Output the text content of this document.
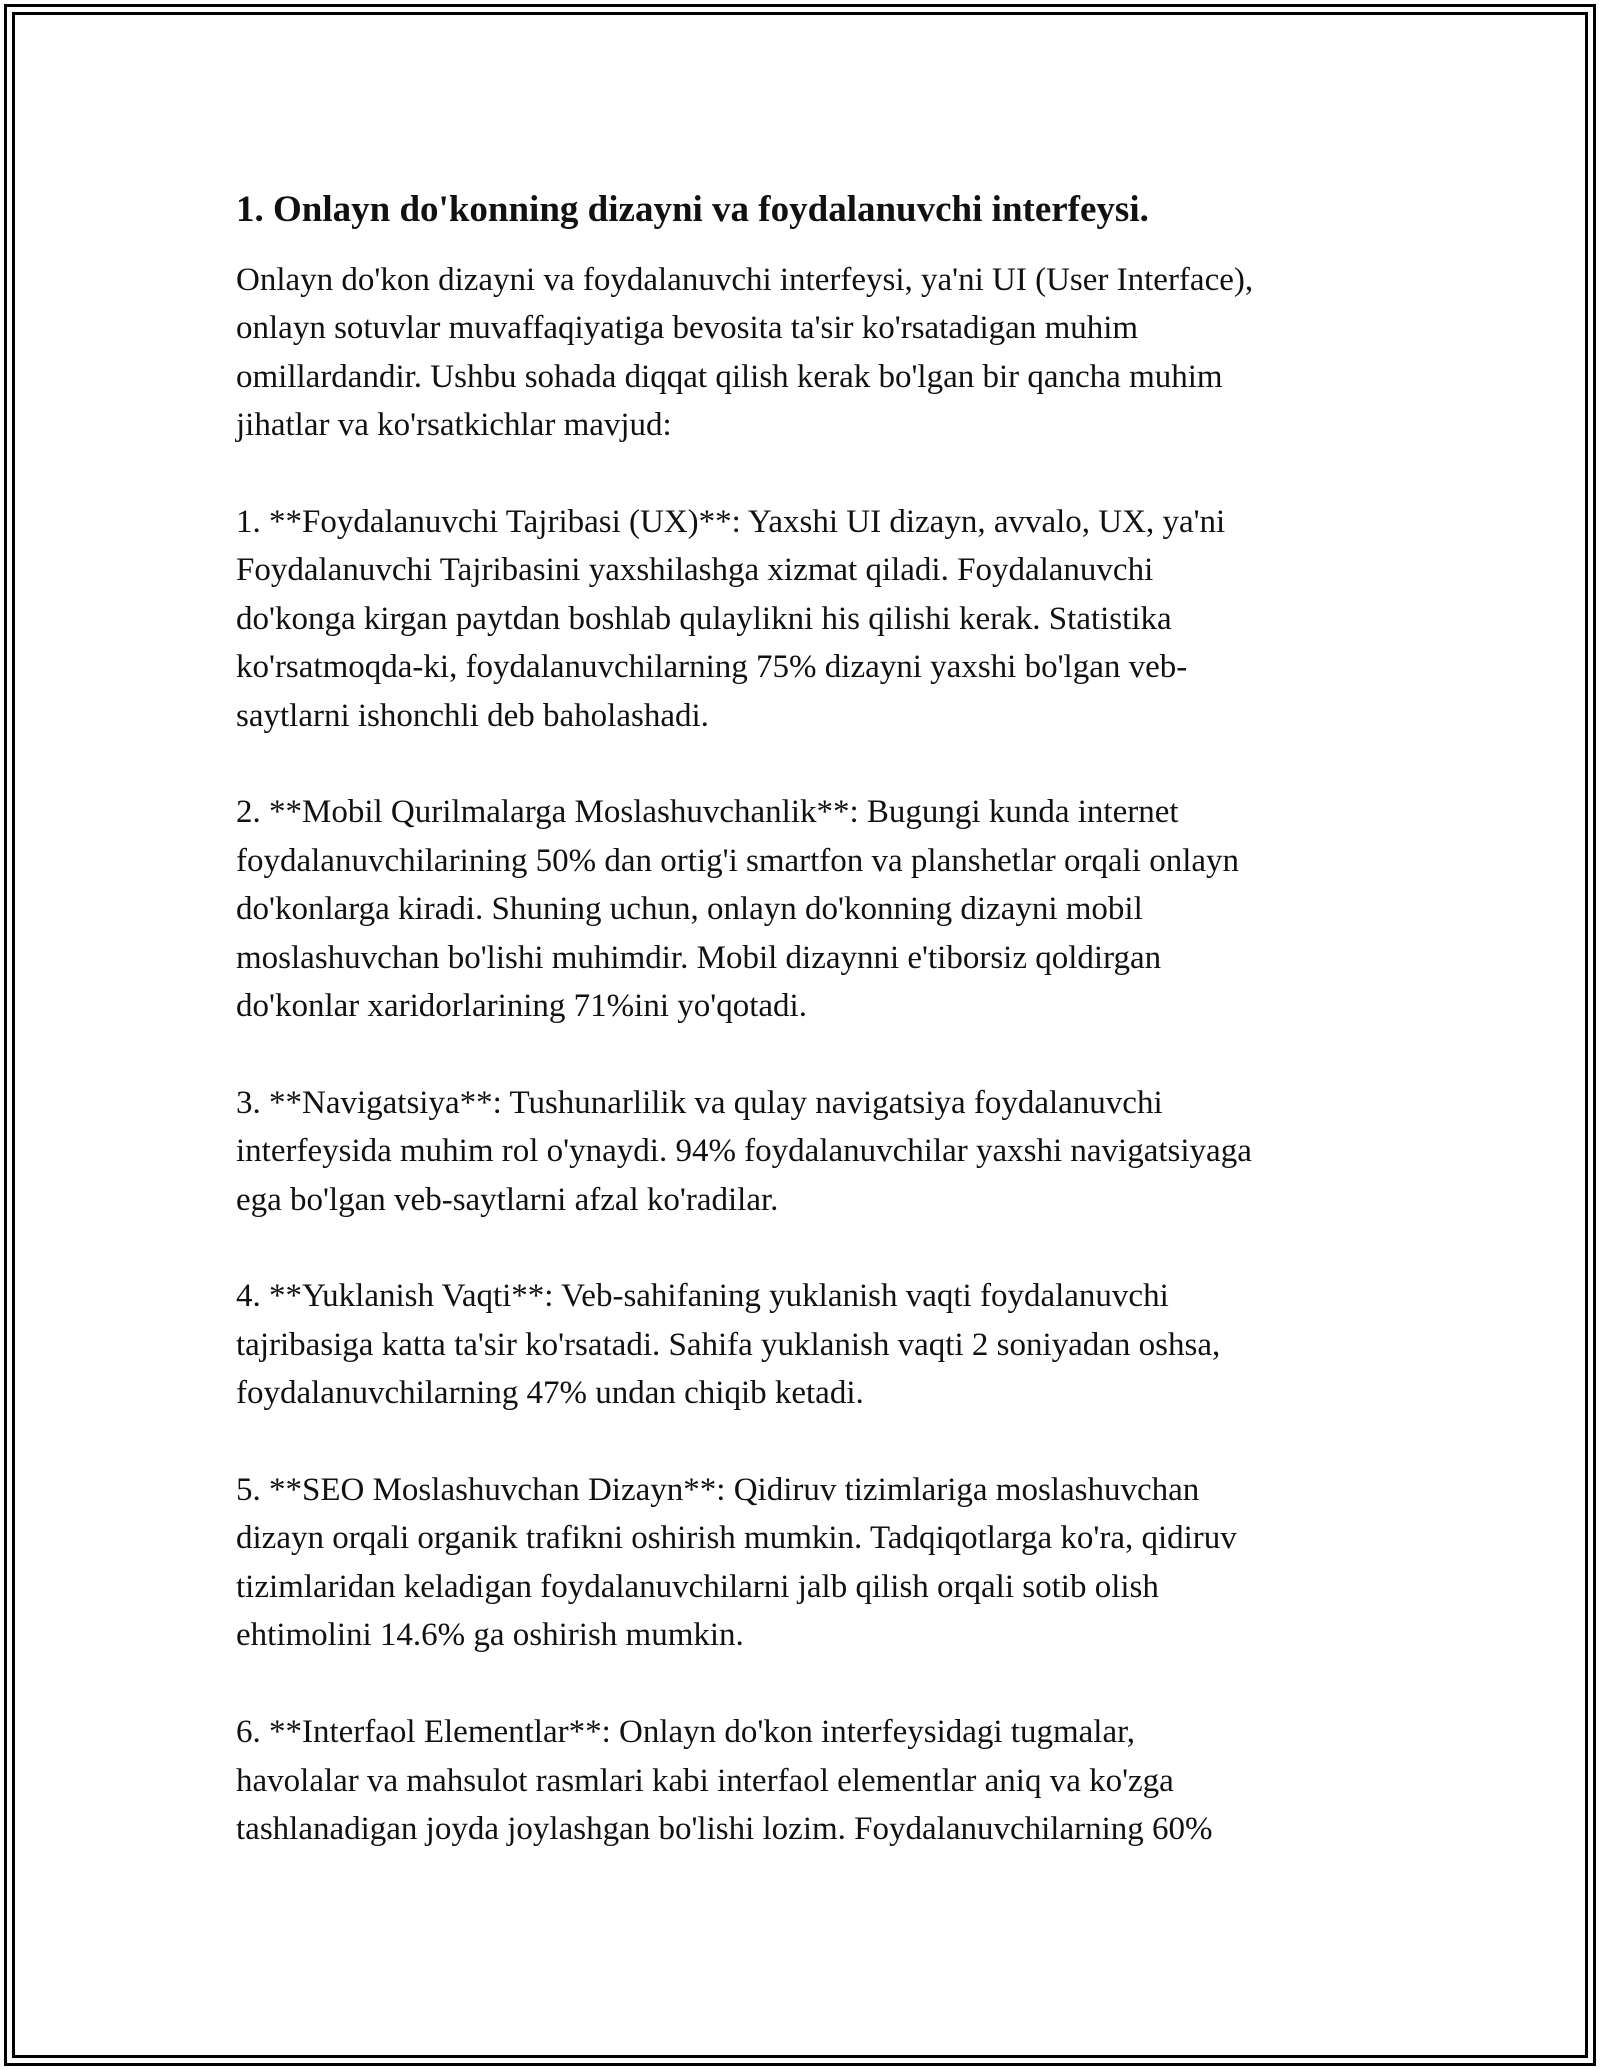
1. Onlayn do'konning dizayni va foydalanuvchi interfeysi.

Onlayn do'kon dizayni va foydalanuvchi interfeysi, ya'ni UI (User Interface),
onlayn sotuvlar muvaffaqiyatiga bevosita ta'sir ko'rsatadigan muhim
omillardandir. Ushbu sohada diqqat qilish kerak bo'lgan bir qancha muhim
jihatlar va ko'rsatkichlar mavjud:

1. **Foydalanuvchi Tajribasi (UX)**: Yaxshi UI dizayn, avvalo, UX, ya'ni
Foydalanuvchi Tajribasini yaxshilashga xizmat qiladi. Foydalanuvchi
do'konga kirgan paytdan boshlab qulaylikni his qilishi kerak. Statistika
ko'rsatmoqda-ki, foydalanuvchilarning 75% dizayni yaxshi bo'lgan veb-
saytlarni ishonchli deb baholashadi.

2. **Mobil Qurilmalarga Moslashuvchanlik**: Bugungi kunda internet
foydalanuvchilarining 50% dan ortig'i smartfon va planshetlar orqali onlayn
do'konlarga kiradi. Shuning uchun, onlayn do'konning dizayni mobil
moslashuvchan bo'lishi muhimdir. Mobil dizaynni e'tiborsiz qoldirgan
do'konlar xaridorlarining 71%ini yo'qotadi.

3. **Navigatsiya**: Tushunarlilik va qulay navigatsiya foydalanuvchi
interfeysida muhim rol o'ynaydi. 94% foydalanuvchilar yaxshi navigatsiyaga
ega bo'lgan veb-saytlarni afzal ko'radilar.

4. **Yuklanish Vaqti**: Veb-sahifaning yuklanish vaqti foydalanuvchi
tajribasiga katta ta'sir ko'rsatadi. Sahifa yuklanish vaqti 2 soniyadan oshsa,
foydalanuvchilarning 47% undan chiqib ketadi.

5. **SEO Moslashuvchan Dizayn**: Qidiruv tizimlariga moslashuvchan
dizayn orqali organik trafikni oshirish mumkin. Tadqiqotlarga ko'ra, qidiruv
tizimlaridan keladigan foydalanuvchilarni jalb qilish orqali sotib olish
ehtimolini 14.6% ga oshirish mumkin.

6. **Interfaol Elementlar**: Onlayn do'kon interfeysidagi tugmalar,
havolalar va mahsulot rasmlari kabi interfaol elementlar aniq va ko'zga
tashlanadigan joyda joylashgan bo'lishi lozim. Foydalanuvchilarning 60%
